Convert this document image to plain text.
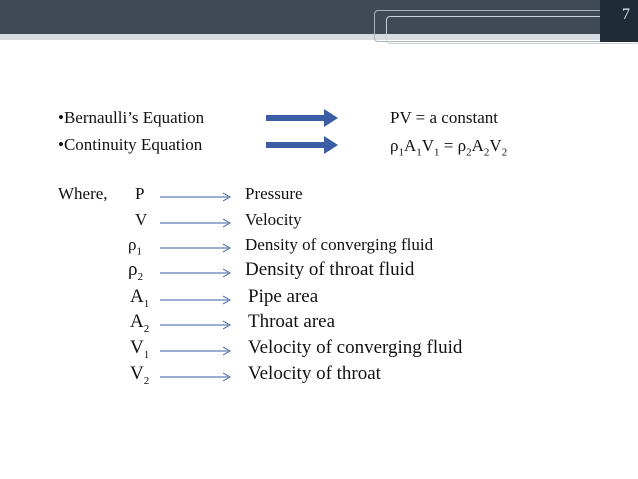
7
•Bernaulli’s Equation	PV = a constant
•Continuity Equation	$\rho_1A_1V_1 = \rho_2A_2V_2$
Where, P	Pressure
V	Velocity
$\rho_1$	Density of converging fluid
$\rho_2$	Density of throat fluid
$A_1$	Pipe area
$A_2$	Throat area
$V_1$	Velocity of converging fluid
$V_2$	Velocity of throat
